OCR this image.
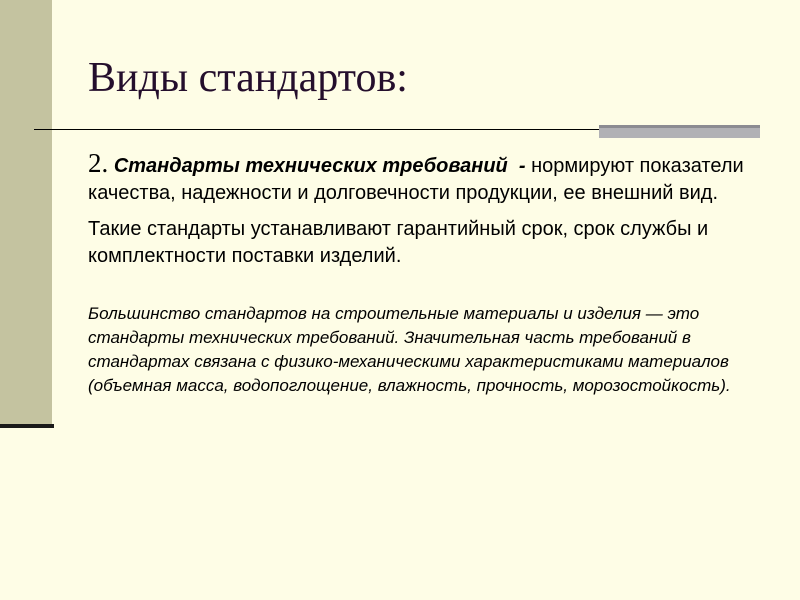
Виды стандартов:

2. Стандарты технических требований - нормируют показатели качества, надежности и долговечности продукции, ее внешний вид.

Такие стандарты устанавливают гарантийный срок, срок службы и комплектности поставки изделий.

Большинство стандартов на строительные материалы и изделия — это стандарты технических требований. Значительная часть требований в стандартах связана с физико-механическими характеристиками материалов (объемная масса, водопоглощение, влажность, прочность, морозостойкость).
